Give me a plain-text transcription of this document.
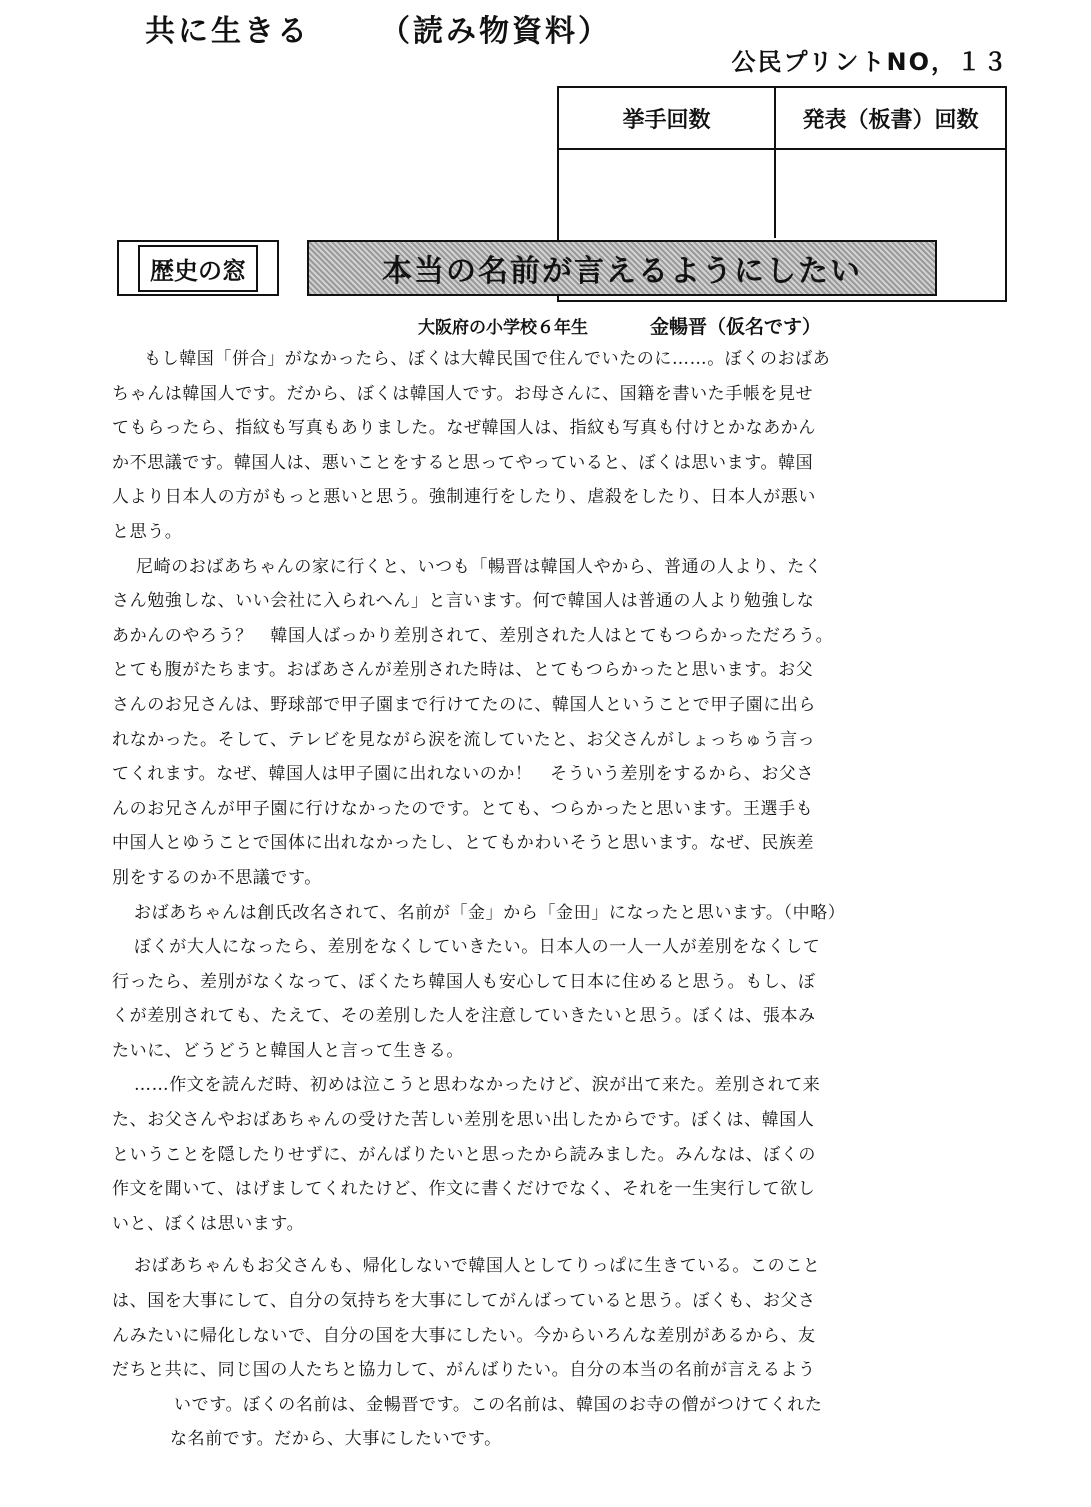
共に生きる （読み物資料）
公民プリントNO，１３
挙手回数	発表（板書）回数
歴史の窓	本当の名前が言えるようにしたい
大阪府の小学校６年生	金暢晋（仮名です）

もし韓国「併合」がなかったら、ぼくは大韓民国で住んでいたのに……。ぼくのおばあ

ちゃんは韓国人です。だから、ぼくは韓国人です。お母さんに、国籍を書いた手帳を見せ

てもらったら、指紋も写真もありました。なぜ韓国人は、指紋も写真も付けとかなあかん

か不思議です。韓国人は、悪いことをすると思ってやっていると、ぼくは思います。韓国

人より日本人の方がもっと悪いと思う。強制連行をしたり、虐殺をしたり、日本人が悪い

と思う。

尼崎のおばあちゃんの家に行くと、いつも「暢晋は韓国人やから、普通の人より、たく

さん勉強しな、いい会社に入られへん」と言います。何で韓国人は普通の人より勉強しな

あかんのやろう？　韓国人ばっかり差別されて、差別された人はとてもつらかっただろう。

とても腹がたちます。おばあさんが差別された時は、とてもつらかったと思います。お父

さんのお兄さんは、野球部で甲子園まで行けてたのに、韓国人ということで甲子園に出ら

れなかった。そして、テレビを見ながら涙を流していたと、お父さんがしょっちゅう言っ

てくれます。なぜ、韓国人は甲子園に出れないのか！　そういう差別をするから、お父さ

んのお兄さんが甲子園に行けなかったのです。とても、つらかったと思います。王選手も

中国人とゆうことで国体に出れなかったし、とてもかわいそうと思います。なぜ、民族差

別をするのか不思議です。

おばあちゃんは創氏改名されて、名前が「金」から「金田」になったと思います。（中略）

ぼくが大人になったら、差別をなくしていきたい。日本人の一人一人が差別をなくして

行ったら、差別がなくなって、ぼくたち韓国人も安心して日本に住めると思う。もし、ぼ

くが差別されても、たえて、その差別した人を注意していきたいと思う。ぼくは、張本み

たいに、どうどうと韓国人と言って生きる。

……作文を読んだ時、初めは泣こうと思わなかったけど、涙が出て来た。差別されて来

た、お父さんやおばあちゃんの受けた苦しい差別を思い出したからです。ぼくは、韓国人

ということを隠したりせずに、がんばりたいと思ったから読みました。みんなは、ぼくの

作文を聞いて、はげましてくれたけど、作文に書くだけでなく、それを一生実行して欲し

いと、ぼくは思います。

おばあちゃんもお父さんも、帰化しないで韓国人としてりっぱに生きている。このこと

は、国を大事にして、自分の気持ちを大事にしてがんばっていると思う。ぼくも、お父さ

んみたいに帰化しないで、自分の国を大事にしたい。今からいろんな差別があるから、友

だちと共に、同じ国の人たちと協力して、がんばりたい。自分の本当の名前が言えるよう

いです。ぼくの名前は、金暢晋です。この名前は、韓国のお寺の僧がつけてくれた

な名前です。だから、大事にしたいです。
